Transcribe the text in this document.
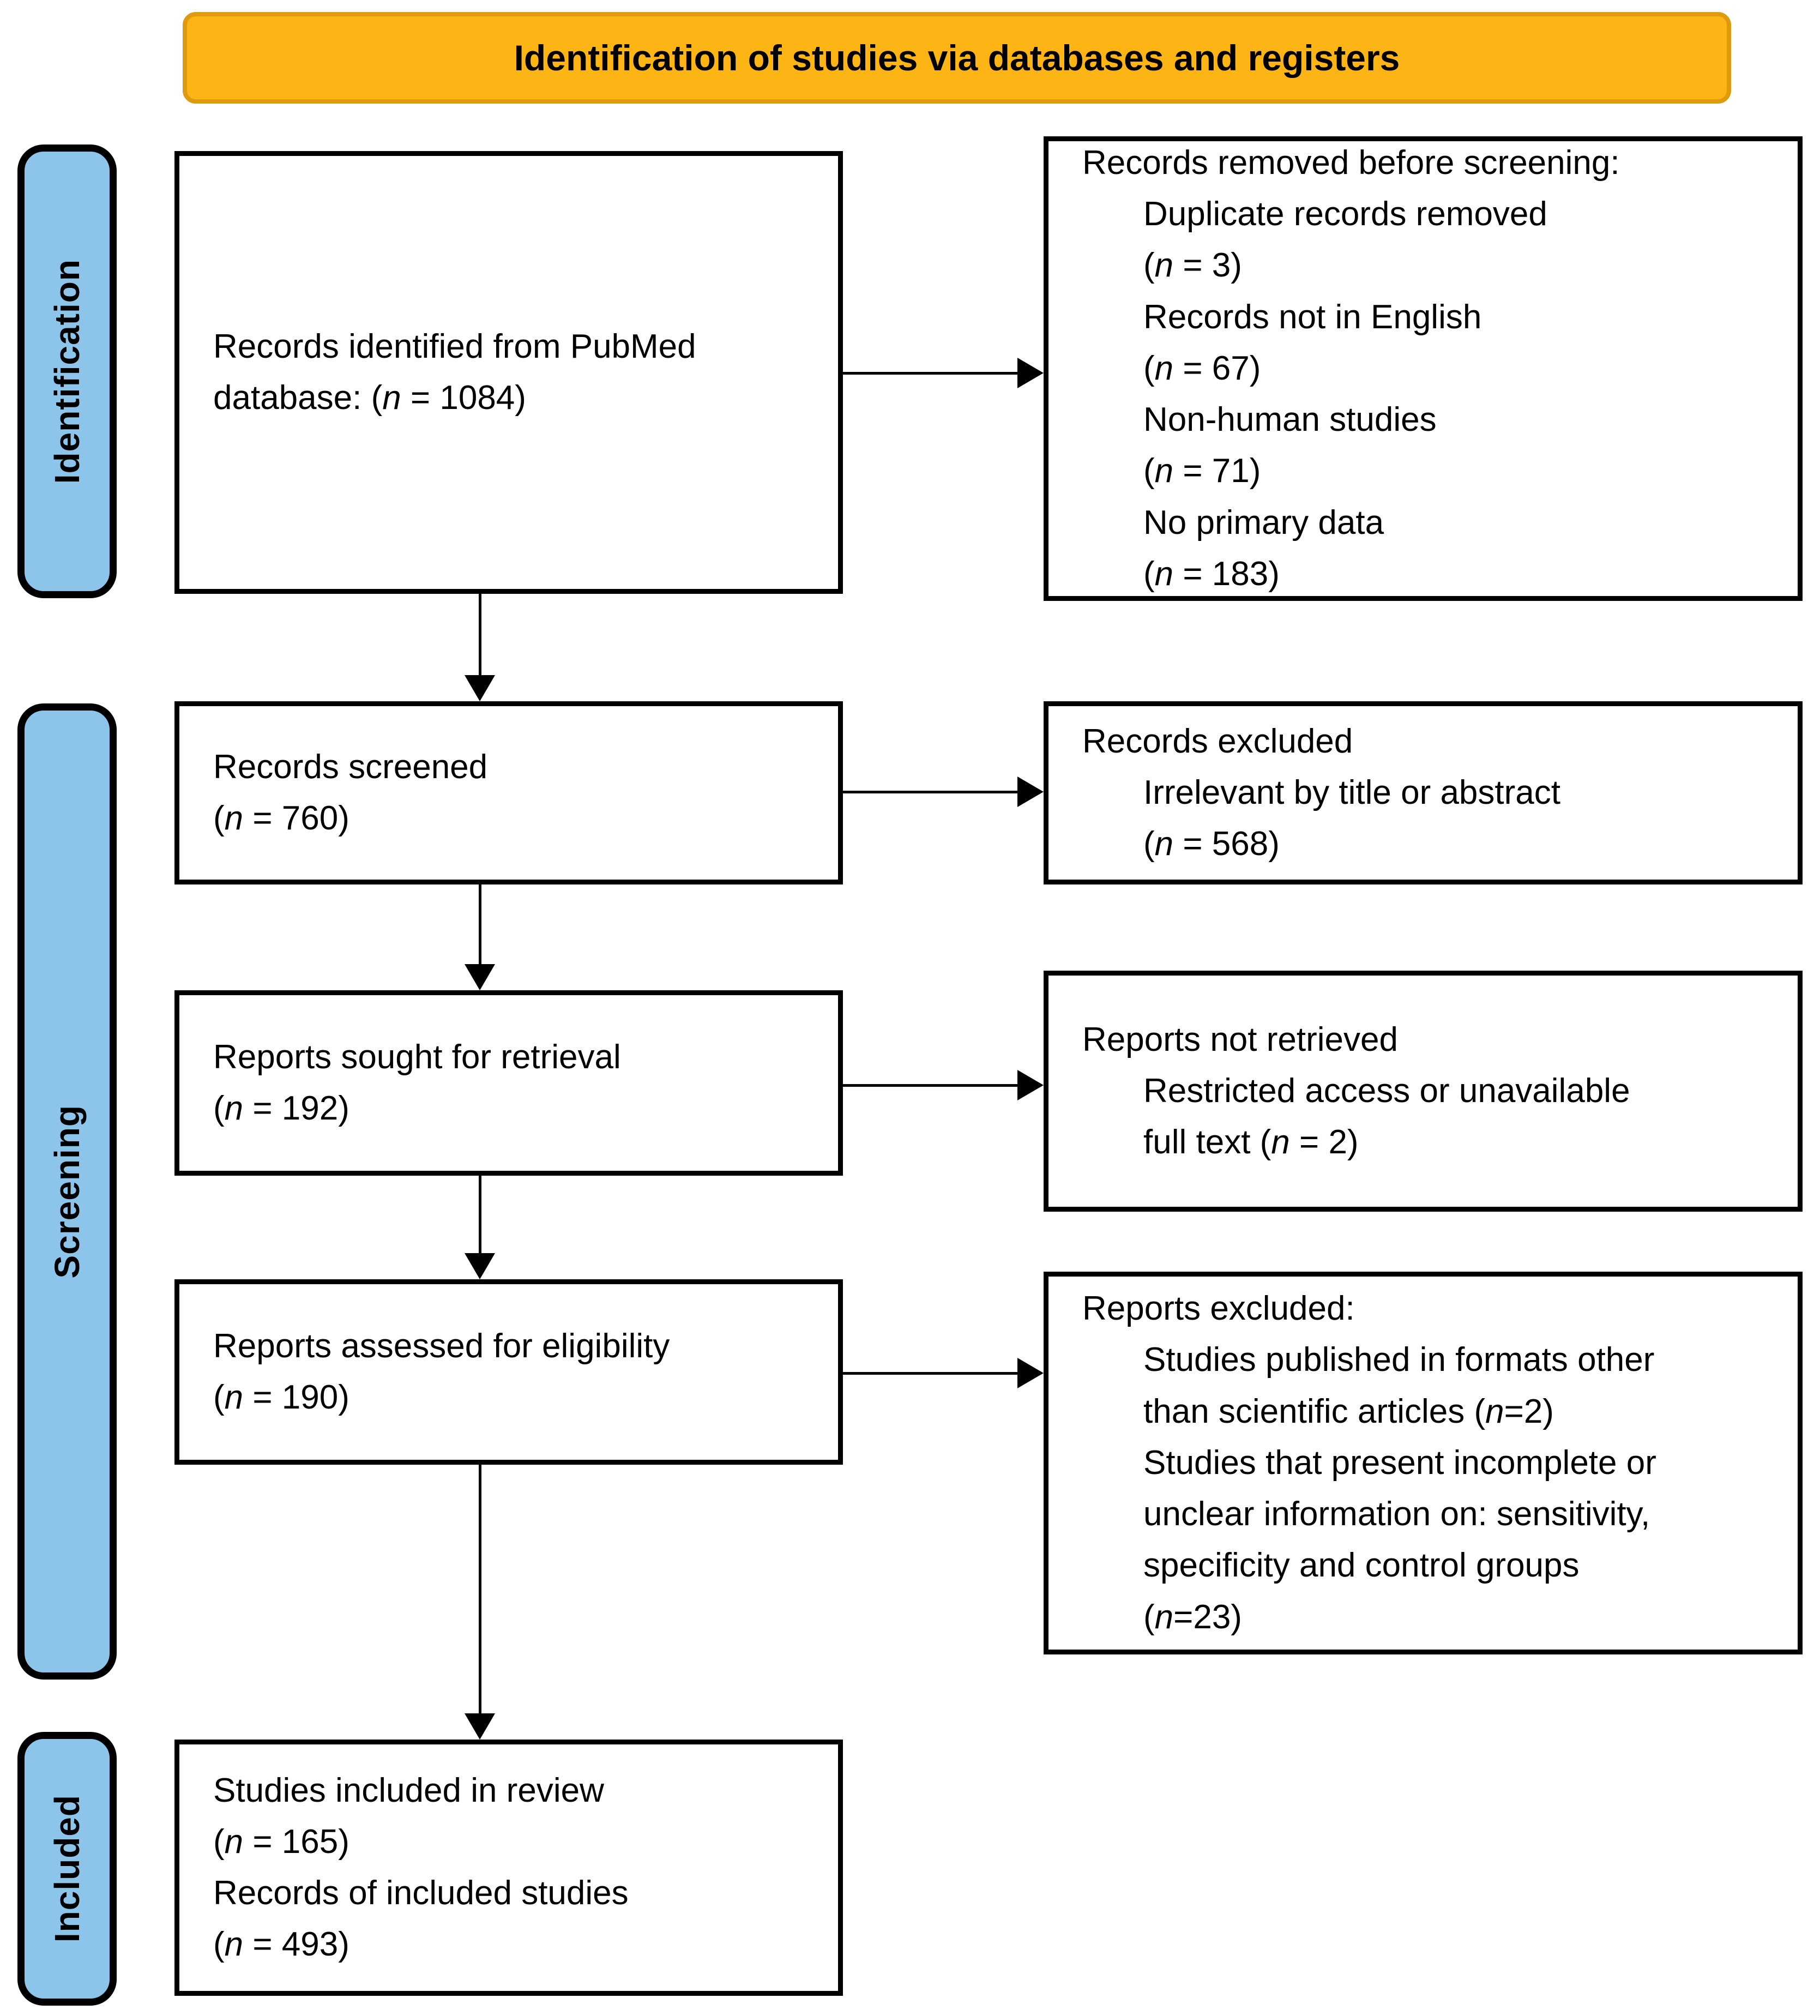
Identification of studies via databases and registers
Identification
Screening
Included
Records identified from PubMed
database: (n = 1084)
Records screened
(n = 760)
Reports sought for retrieval
(n = 192)
Reports assessed for eligibility
(n = 190)
Studies included in review
(n = 165)
Records of included studies
(n = 493)
Records removed before screening:
Duplicate records removed
(n = 3)
Records not in English
(n = 67)
Non-human studies
(n = 71)
No primary data
(n = 183)
Records excluded
Irrelevant by title or abstract
(n = 568)
Reports not retrieved
Restricted access or unavailable
full text (n = 2)
Reports excluded:
Studies published in formats other
than scientific articles (n=2)
Studies that present incomplete or
unclear information on: sensitivity,
specificity and control groups
(n=23)
